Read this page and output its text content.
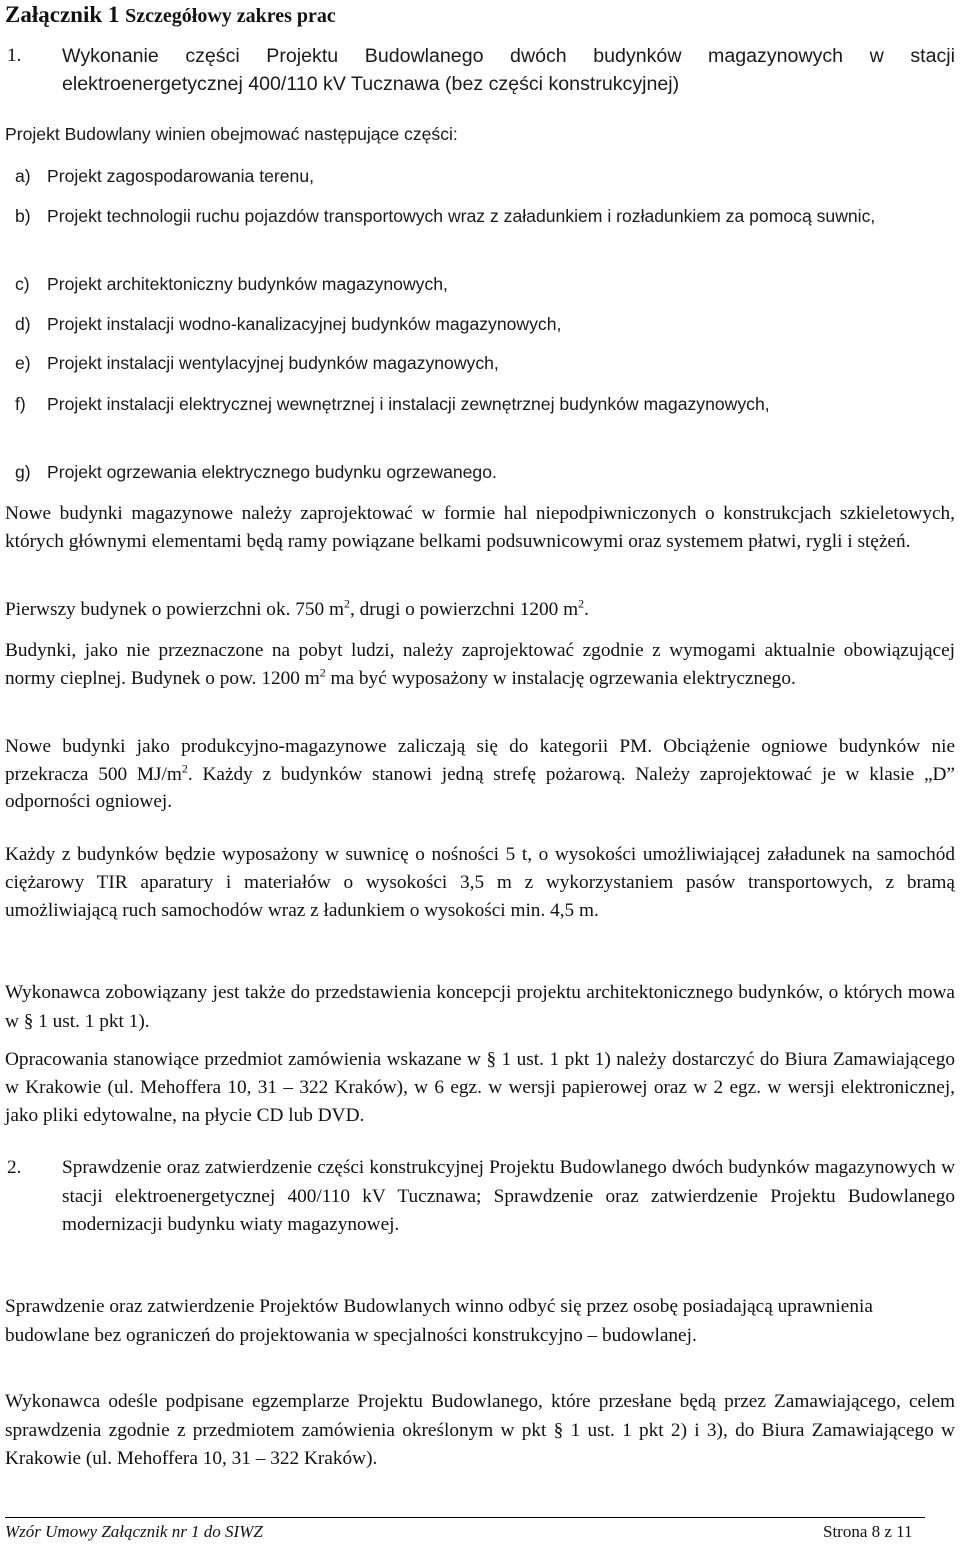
Załącznik 1 Szczegółowy zakres prac
1. Wykonanie części Projektu Budowlanego dwóch budynków magazynowych w stacji elektroenergetycznej 400/110 kV Tucznawa (bez części konstrukcyjnej)
Projekt Budowlany winien obejmować następujące części:
a) Projekt zagospodarowania terenu,
b) Projekt technologii ruchu pojazdów transportowych wraz z załadunkiem i rozładunkiem za pomocą suwnic,
c) Projekt architektoniczny budynków magazynowych,
d) Projekt instalacji wodno-kanalizacyjnej budynków magazynowych,
e) Projekt instalacji wentylacyjnej budynków magazynowych,
f) Projekt instalacji elektrycznej wewnętrznej i instalacji zewnętrznej budynków magazynowych,
g) Projekt ogrzewania elektrycznego budynku ogrzewanego.

Nowe budynki magazynowe należy zaprojektować w formie hal niepodpiwniczonych o konstrukcjach szkieletowych, których głównymi elementami będą ramy powiązane belkami podsuwnicowymi oraz systemem płatwi, rygli i stężeń.

Pierwszy budynek o powierzchni ok. 750 $m^2$, drugi o powierzchni 1200 $m^2$.

Budynki, jako nie przeznaczone na pobyt ludzi, należy zaprojektować zgodnie z wymogami aktualnie obowiązującej normy cieplnej. Budynek o pow. 1200 $m^2$ ma być wyposażony w instalację ogrzewania elektrycznego.

Nowe budynki jako produkcyjno-magazynowe zaliczają się do kategorii PM. Obciążenie ogniowe budynków nie przekracza 500 $MJ/m^2$. Każdy z budynków stanowi jedną strefę pożarową. Należy zaprojektować je w klasie „D” odporności ogniowej.

Każdy z budynków będzie wyposażony w suwnicę o nośności 5 t, o wysokości umożliwiającej załadunek na samochód ciężarowy TIR aparatury i materiałów o wysokości 3,5 m z wykorzystaniem pasów transportowych, z bramą umożliwiającą ruch samochodów wraz z ładunkiem o wysokości min. 4,5 m.

Wykonawca zobowiązany jest także do przedstawienia koncepcji projektu architektonicznego budynków, o których mowa w § 1 ust. 1 pkt 1).

Opracowania stanowiące przedmiot zamówienia wskazane w § 1 ust. 1 pkt 1) należy dostarczyć do Biura Zamawiającego w Krakowie (ul. Mehoffera 10, 31 – 322 Kraków), w 6 egz. w wersji papierowej oraz w 2 egz. w wersji elektronicznej, jako pliki edytowalne, na płycie CD lub DVD.

2. Sprawdzenie oraz zatwierdzenie części konstrukcyjnej Projektu Budowlanego dwóch budynków magazynowych w stacji elektroenergetycznej 400/110 kV Tucznawa; Sprawdzenie oraz zatwierdzenie Projektu Budowlanego modernizacji budynku wiaty magazynowej.

Sprawdzenie oraz zatwierdzenie Projektów Budowlanych winno odbyć się przez osobę posiadającą uprawnienia budowlane bez ograniczeń do projektowania w specjalności konstrukcyjno – budowlanej.

Wykonawca odeśle podpisane egzemplarze Projektu Budowlanego, które przesłane będą przez Zamawiającego, celem sprawdzenia zgodnie z przedmiotem zamówienia określonym w pkt § 1 ust. 1 pkt 2) i 3), do Biura Zamawiającego w Krakowie (ul. Mehoffera 10, 31 – 322 Kraków).

Wzór Umowy Załącznik nr 1 do SIWZ	Strona 8 z 11
